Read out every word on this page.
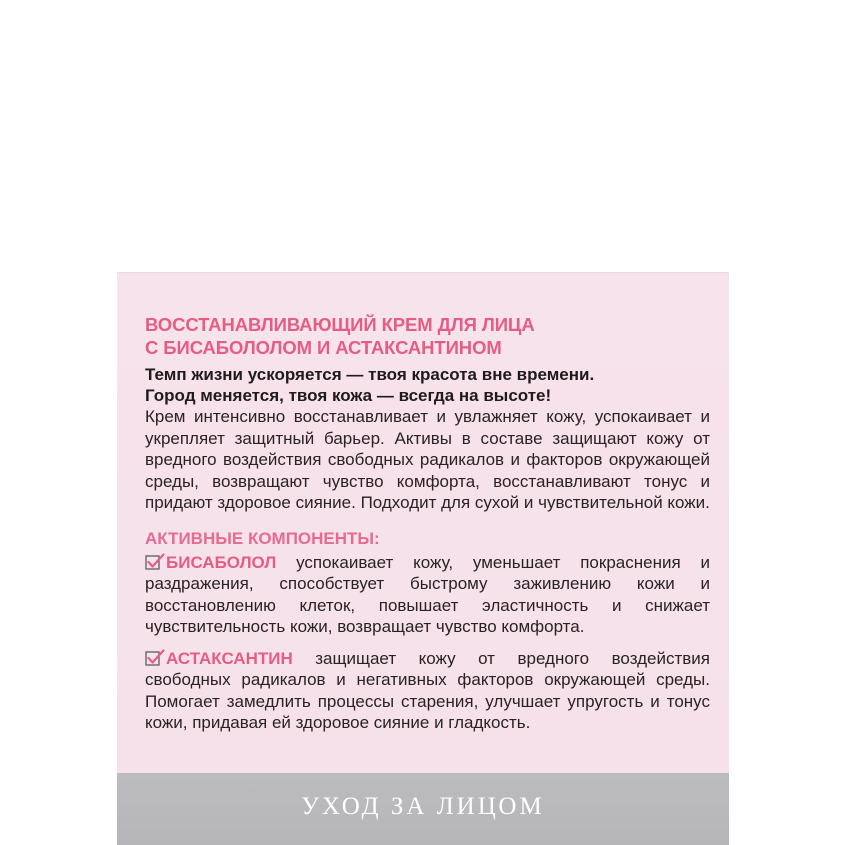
ВОССТАНАВЛИВАЮЩИЙ КРЕМ ДЛЯ ЛИЦА
С БИСАБОЛОЛОМ И АСТАКСАНТИНОМ
Темп жизни ускоряется — твоя красота вне времени.
Город меняется, твоя кожа — всегда на высоте!

Крем интенсивно восстанавливает и увлажняет кожу, успокаивает и укрепляет защитный барьер. Активы в составе защищают кожу от вредного воздействия свободных радикалов и факторов окружающей среды, возвращают чувство комфорта, восстанавливают тонус и придают здоровое сияние. Подходит для сухой и чувствительной кожи.

АКТИВНЫЕ КОМПОНЕНТЫ:
БИСАБОЛОЛ успокаивает кожу, уменьшает покраснения и раздражения, способствует быстрому заживлению кожи и восстановлению клеток, повышает эластичность и снижает чувствительность кожи, возвращает чувство комфорта.
АСТАКСАНТИН защищает кожу от вредного воздействия свободных радикалов и негативных факторов окружающей среды. Помогает замедлить процессы старения, улучшает упругость и тонус кожи, придавая ей здоровое сияние и гладкость.
УХОД ЗА ЛИЦОМ
